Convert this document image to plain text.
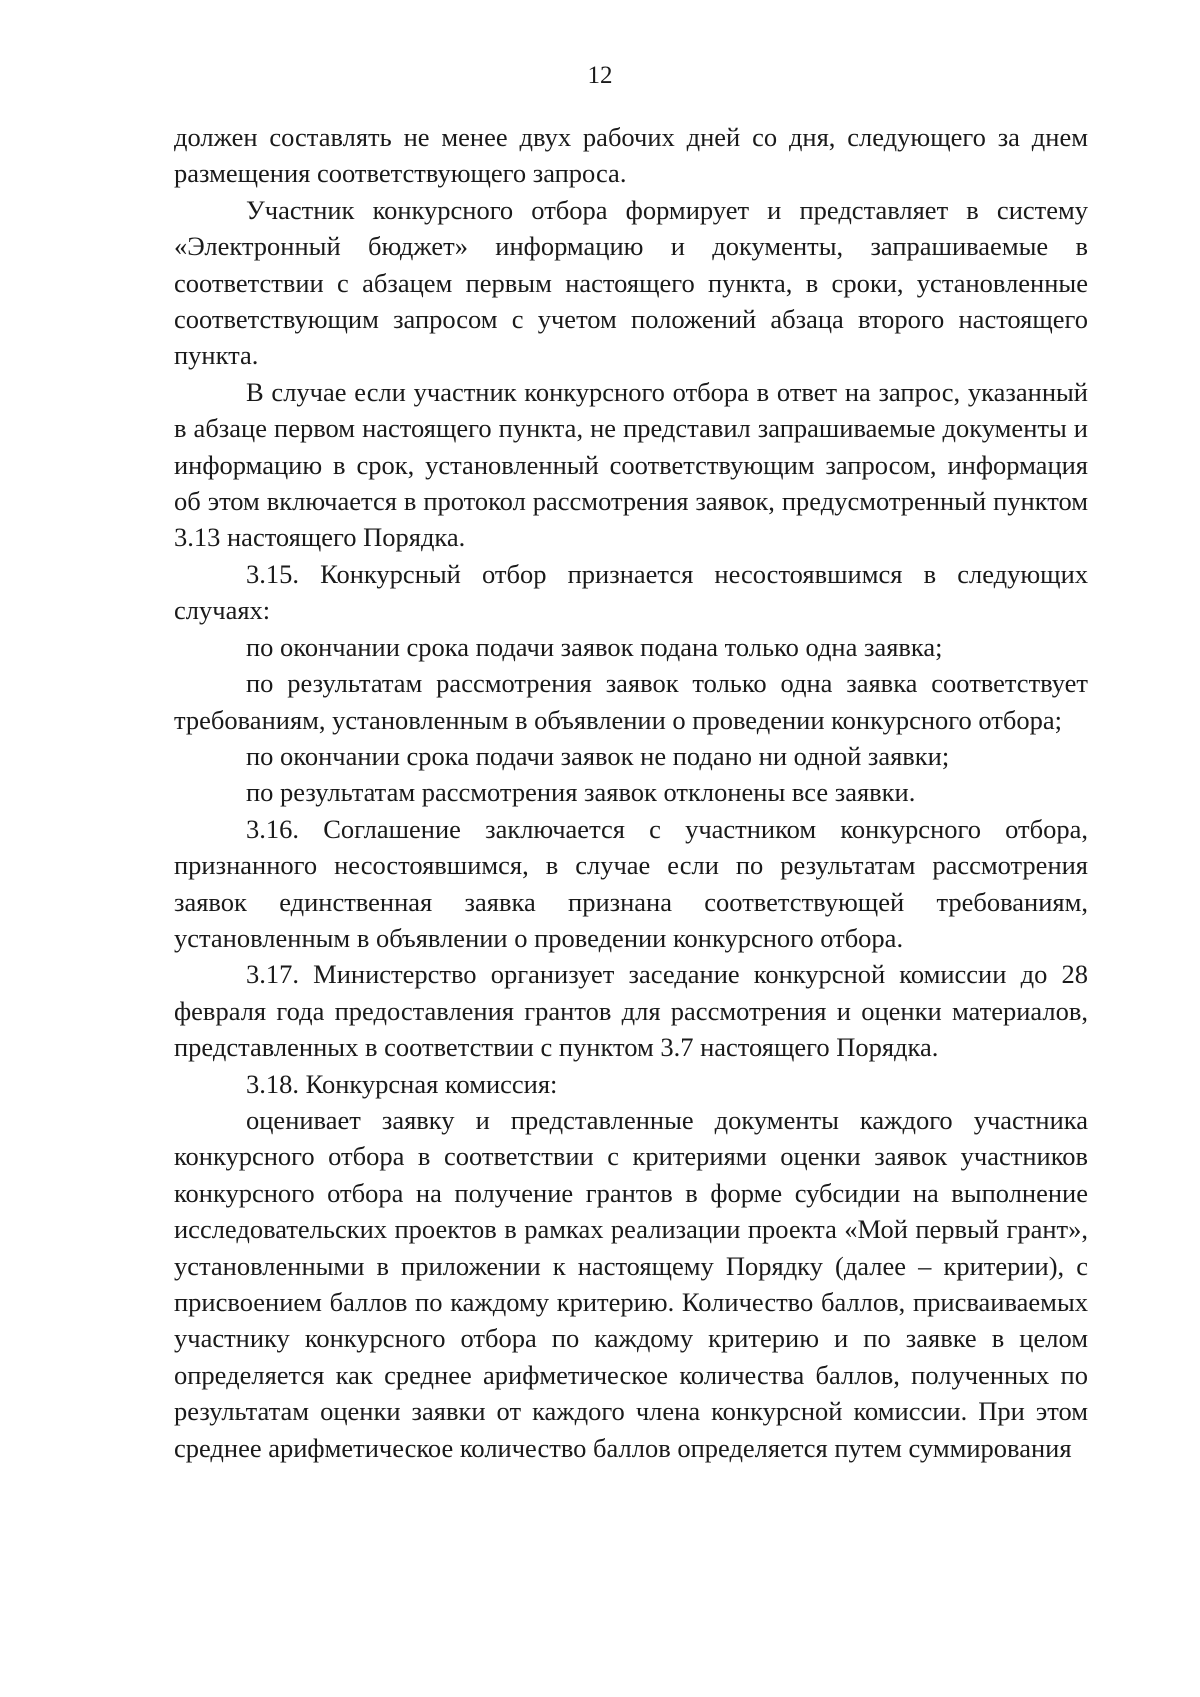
12

должен составлять не менее двух рабочих дней со дня, следующего за днем размещения соответствующего запроса.

Участник конкурсного отбора формирует и представляет в систему «Электронный бюджет» информацию и документы, запрашиваемые в соответствии с абзацем первым настоящего пункта, в сроки, установленные соответствующим запросом с учетом положений абзаца второго настоящего пункта.

В случае если участник конкурсного отбора в ответ на запрос, указанный в абзаце первом настоящего пункта, не представил запрашиваемые документы и информацию в срок, установленный соответствующим запросом, информация об этом включается в протокол рассмотрения заявок, предусмотренный пунктом 3.13 настоящего Порядка.

3.15. Конкурсный отбор признается несостоявшимся в следующих случаях:

по окончании срока подачи заявок подана только одна заявка;

по результатам рассмотрения заявок только одна заявка соответствует требованиям, установленным в объявлении о проведении конкурсного отбора;

по окончании срока подачи заявок не подано ни одной заявки;

по результатам рассмотрения заявок отклонены все заявки.

3.16. Соглашение заключается с участником конкурсного отбора, признанного несостоявшимся, в случае если по результатам рассмотрения заявок единственная заявка признана соответствующей требованиям, установленным в объявлении о проведении конкурсного отбора.

3.17. Министерство организует заседание конкурсной комиссии до 28 февраля года предоставления грантов для рассмотрения и оценки материалов, представленных в соответствии с пунктом 3.7 настоящего Порядка.

3.18. Конкурсная комиссия:

оценивает заявку и представленные документы каждого участника конкурсного отбора в соответствии с критериями оценки заявок участников конкурсного отбора на получение грантов в форме субсидии на выполнение исследовательских проектов в рамках реализации проекта «Мой первый грант», установленными в приложении к настоящему Порядку (далее – критерии), с присвоением баллов по каждому критерию. Количество баллов, присваиваемых участнику конкурсного отбора по каждому критерию и по заявке в целом определяется как среднее арифметическое количества баллов, полученных по результатам оценки заявки от каждого члена конкурсной комиссии. При этом среднее арифметическое количество баллов определяется путем суммирования
